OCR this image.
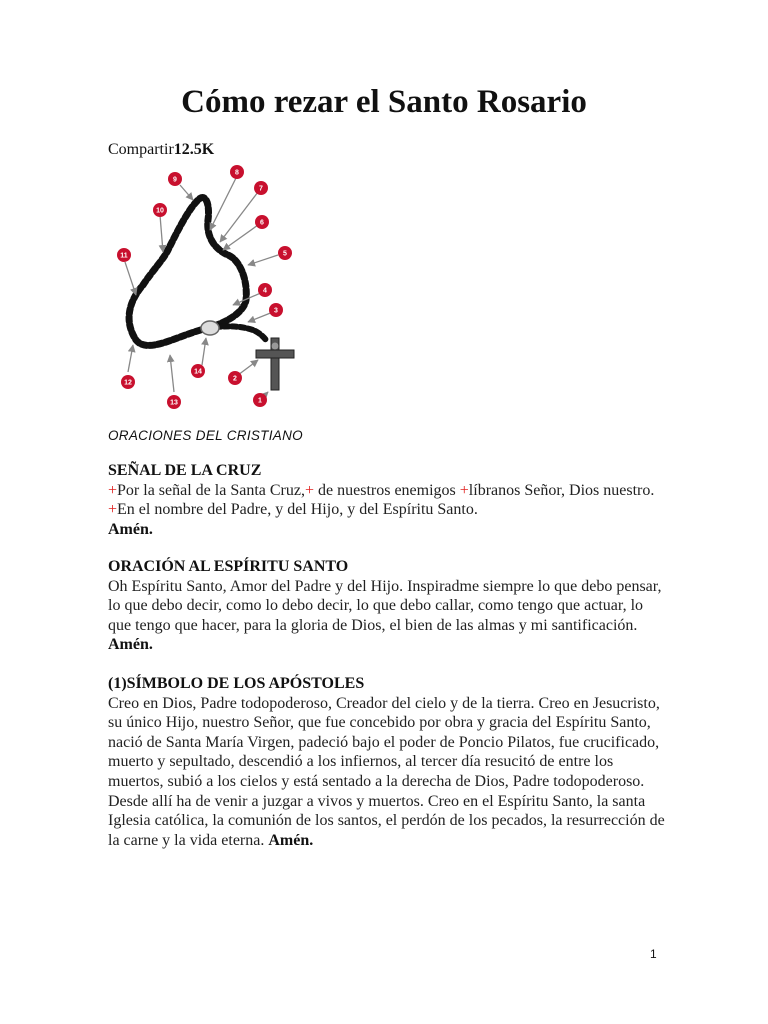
Cómo rezar el Santo Rosario
Compartir12.5K
1
2
3
4
5
6
7
8
9
10
11
12
13
14
ORACIONES DEL CRISTIANO
SEÑAL DE LA CRUZ

+Por la señal de la Santa Cruz,+ de nuestros enemigos +líbranos Señor, Dios nuestro. +En el nombre del Padre, y del Hijo, y del Espíritu Santo.
Amén.

ORACIÓN AL ESPÍRITU SANTO

Oh Espíritu Santo, Amor del Padre y del Hijo. Inspiradme siempre lo que debo pensar, lo que debo decir, como lo debo decir, lo que debo callar, como tengo que actuar, lo que tengo que hacer, para la gloria de Dios, el bien de las almas y mi santificación. Amén.

(1)SÍMBOLO DE LOS APÓSTOLES

Creo en Dios, Padre todopoderoso, Creador del cielo y de la tierra. Creo en Jesucristo, su único Hijo, nuestro Señor, que fue concebido por obra y gracia del Espíritu Santo, nació de Santa María Virgen, padeció bajo el poder de Poncio Pilatos, fue crucificado, muerto y sepultado, descendió a los infiernos, al tercer día resucitó de entre los muertos, subió a los cielos y está sentado a la derecha de Dios, Padre todopoderoso. Desde allí ha de venir a juzgar a vivos y muertos. Creo en el Espíritu Santo, la santa Iglesia católica, la comunión de los santos, el perdón de los pecados, la resurrección de la carne y la vida eterna. Amén.

1
